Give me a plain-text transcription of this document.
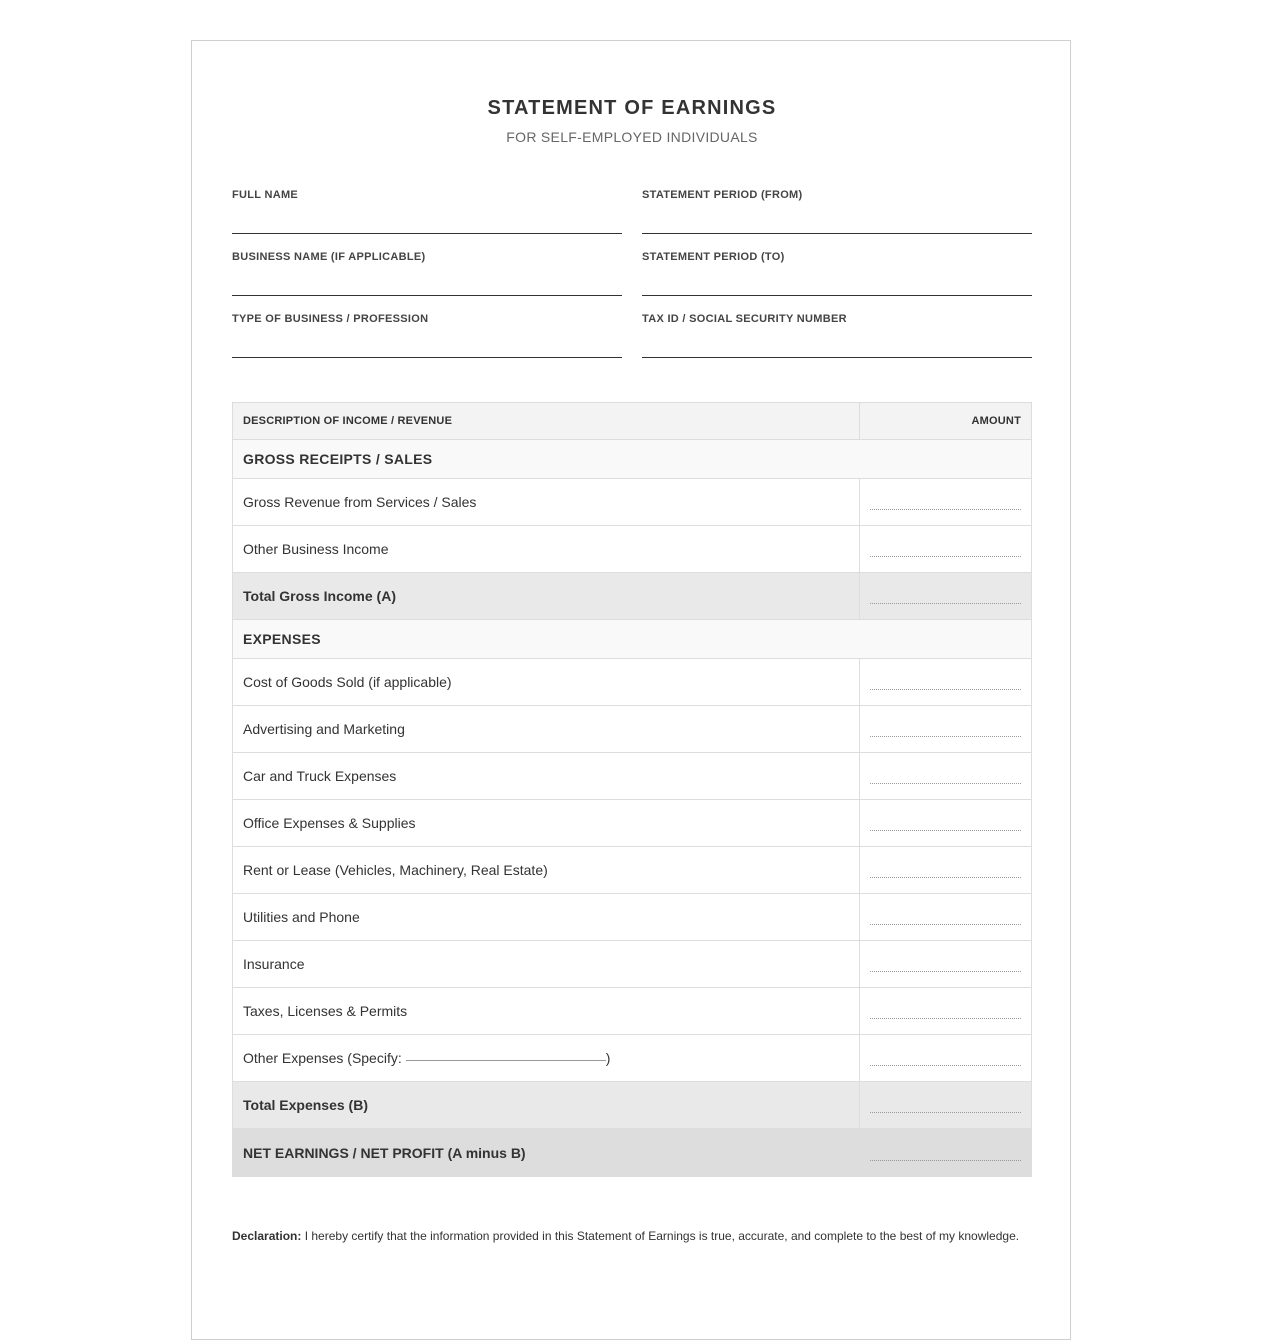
STATEMENT OF EARNINGS
FOR SELF-EMPLOYED INDIVIDUALS
FULL NAME	STATEMENT PERIOD (FROM)
BUSINESS NAME (IF APPLICABLE)	STATEMENT PERIOD (TO)
TYPE OF BUSINESS / PROFESSION	TAX ID / SOCIAL SECURITY NUMBER
DESCRIPTION OF INCOME / REVENUE	AMOUNT
GROSS RECEIPTS / SALES	
Gross Revenue from Services / Sales	

Other Business Income	

Total Gross Income (A)	

EXPENSES	
Cost of Goods Sold (if applicable)	

Advertising and Marketing	

Car and Truck Expenses	

Office Expenses & Supplies	

Rent or Lease (Vehicles, Machinery, Real Estate)	

Utilities and Phone	

Insurance	

Taxes, Licenses & Permits	

Other Expenses (Specify: )	

Total Expenses (B)	

NET EARNINGS / NET PROFIT (A minus B)	
Declaration: I hereby certify that the information provided in this Statement of Earnings is true, accurate, and complete to the best of my knowledge.
